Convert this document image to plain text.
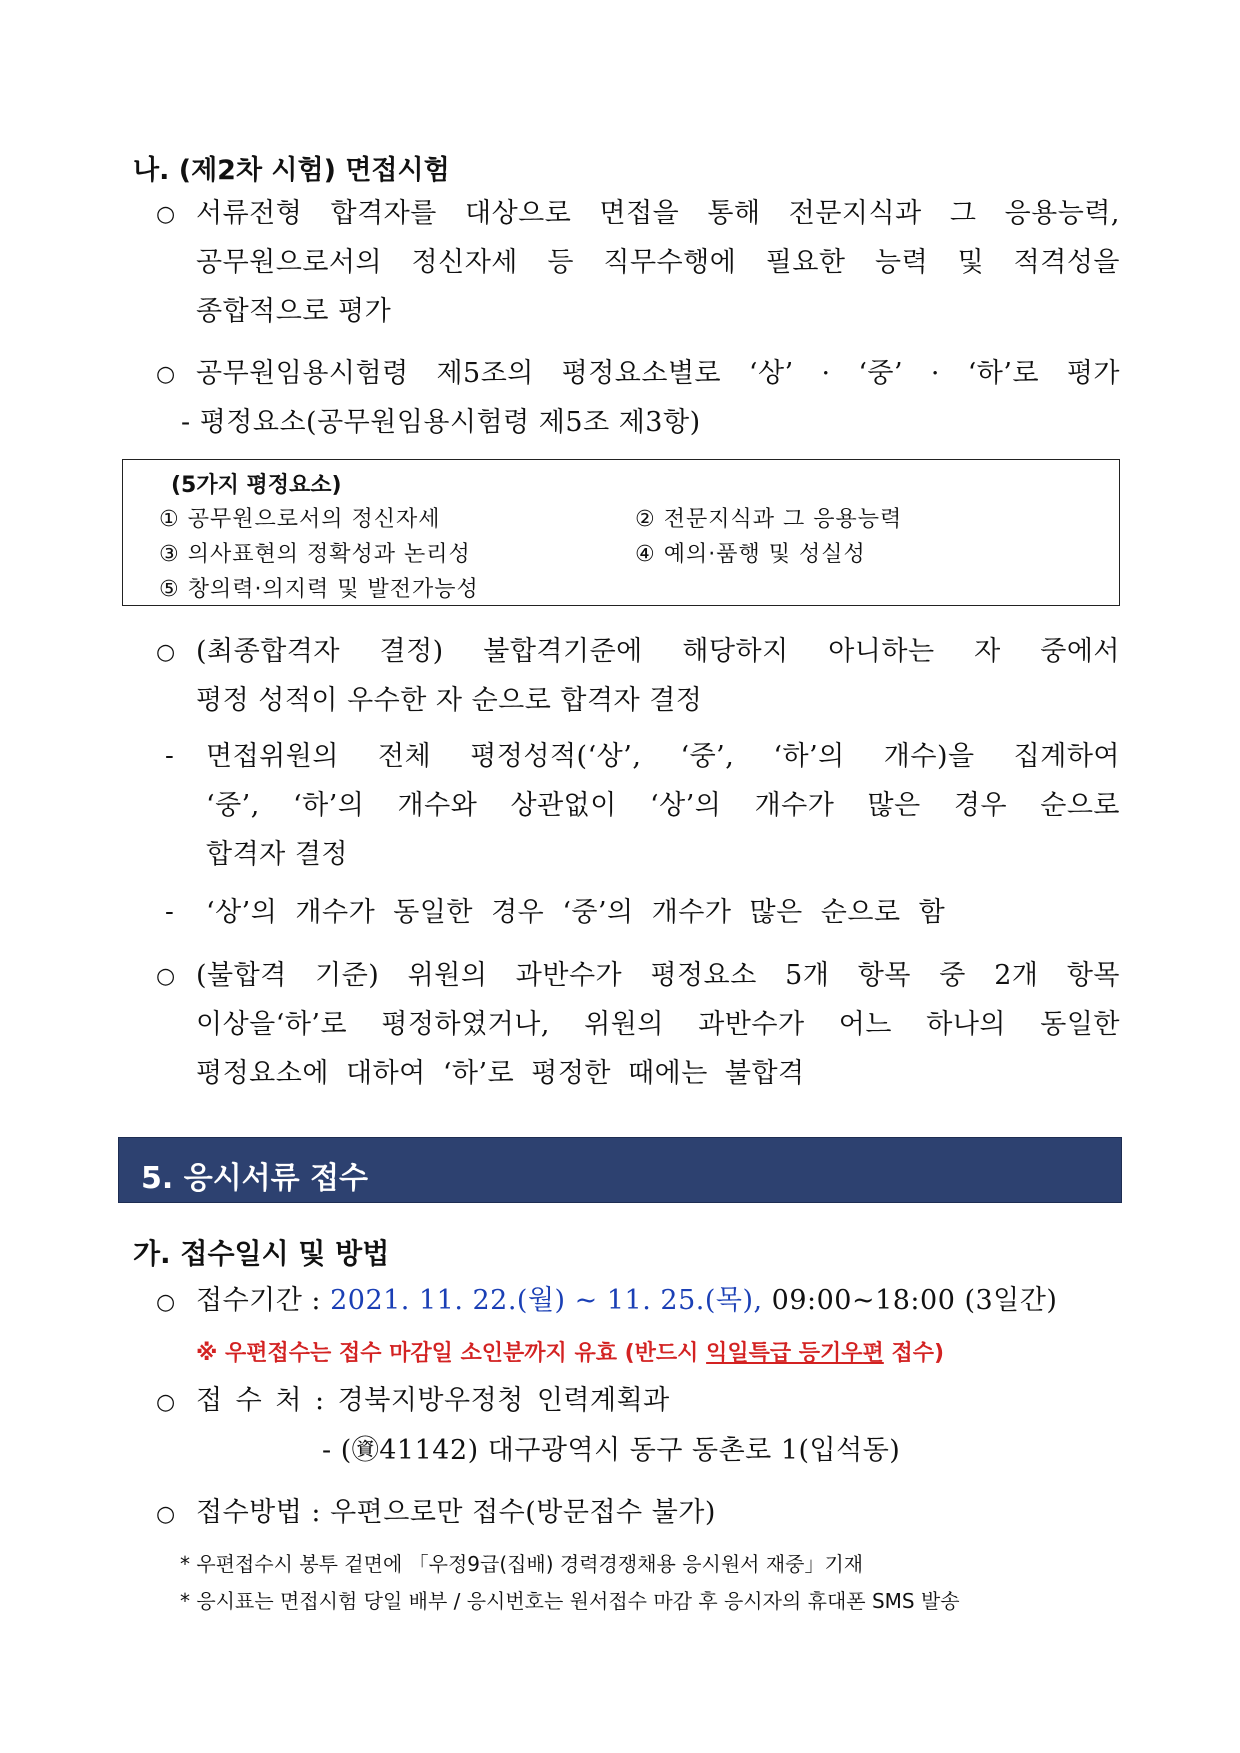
나. (제2차 시험) 면접시험
○ 서류전형 합격자를 대상으로 면접을 통해 전문지식과 그 응용능력,
공무원으로서의 정신자세 등 직무수행에 필요한 능력 및 적격성을
종합적으로 평가
○ 공무원임용시험령 제5조의 평정요소별로 ‘상’ · ‘중’ · ‘하’로 평가
- 평정요소(공무원임용시험령 제5조 제3항)
(5가지 평정요소)
① 공무원으로서의 정신자세	② 전문지식과 그 응용능력
③ 의사표현의 정확성과 논리성	④ 예의·품행 및 성실성
⑤ 창의력·의지력 및 발전가능성
○ (최종합격자 결정) 불합격기준에 해당하지 아니하는 자 중에서
평정 성적이 우수한 자 순으로 합격자 결정
- 면접위원의 전체 평정성적(‘상’, ‘중’, ‘하’의 개수)을 집계하여
‘중’, ‘하’의 개수와 상관없이 ‘상’의 개수가 많은 경우 순으로
합격자 결정
- ‘상’의 개수가 동일한 경우 ‘중’의 개수가 많은 순으로 함
○ (불합격 기준) 위원의 과반수가 평정요소 5개 항목 중 2개 항목
이상을‘하’로 평정하였거나, 위원의 과반수가 어느 하나의 동일한
평정요소에 대하여 ‘하’로 평정한 때에는 불합격
5. 응시서류 접수
가. 접수일시 및 방법
○ 접수기간 : 2021. 11. 22.(월) ~ 11. 25.(목), 09:00~18:00 (3일간)
※ 우편접수는 접수 마감일 소인분까지 유효 (반드시 익일특급 등기우편 접수)
○ 접 수 처 : 경북지방우정청 인력계획과
- (㊮41142) 대구광역시 동구 동촌로 1(입석동)
○ 접수방법 : 우편으로만 접수(방문접수 불가)
* 우편접수시 봉투 겉면에 「우정9급(집배) 경력경쟁채용 응시원서 재중」기재
* 응시표는 면접시험 당일 배부 / 응시번호는 원서접수 마감 후 응시자의 휴대폰 SMS 발송
